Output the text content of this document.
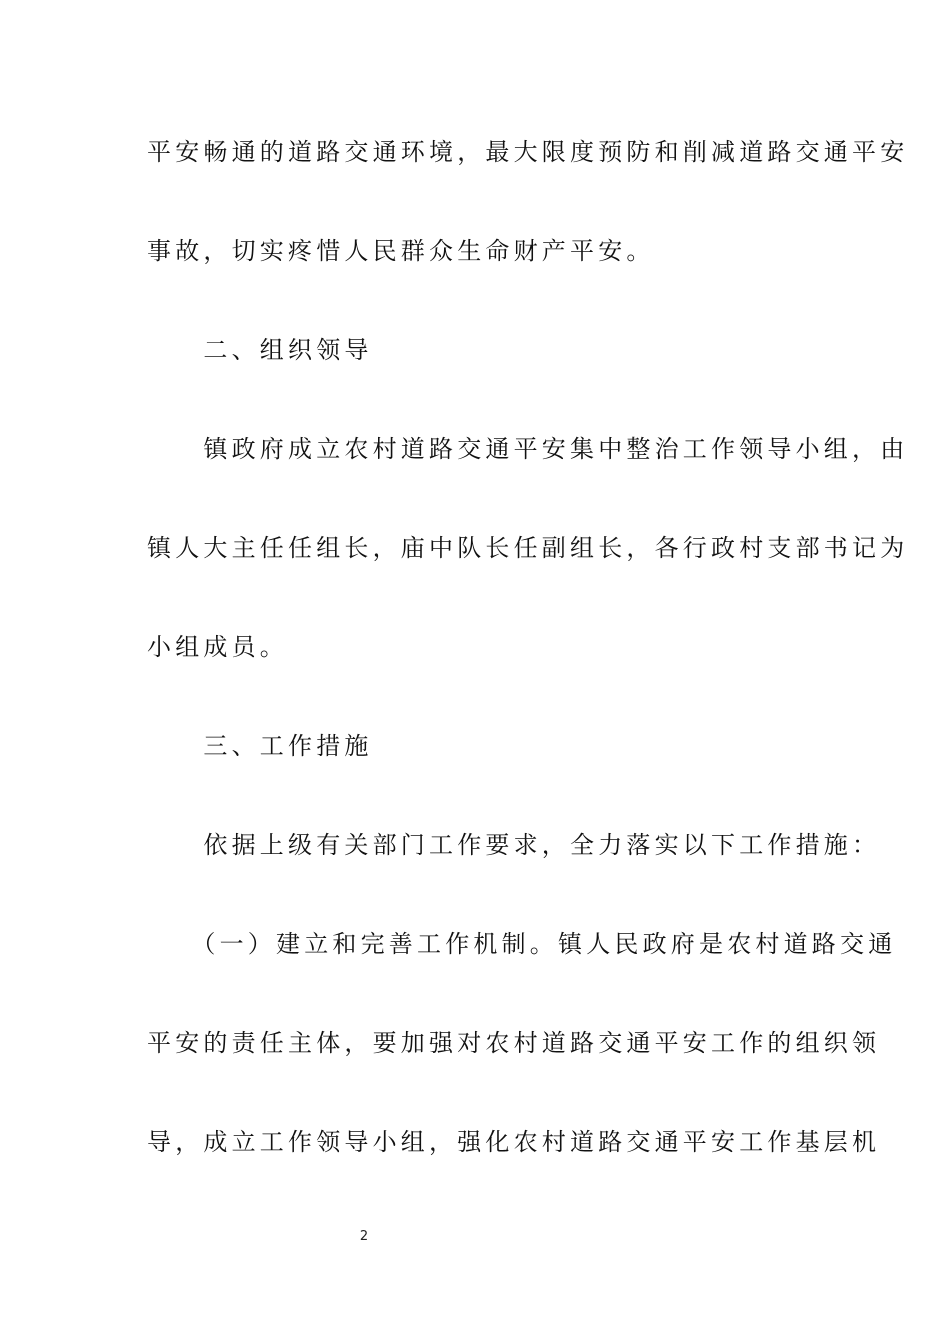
平安畅通的道路交通环境，最大限度预防和削减道路交通平安
事故，切实疼惜人民群众生命财产平安。
　　二、组织领导
　　镇政府成立农村道路交通平安集中整治工作领导小组，由
镇人大主任任组长，庙中队长任副组长，各行政村支部书记为
小组成员。
　　三、工作措施
　　依据上级有关部门工作要求，全力落实以下工作措施：
　　（一）建立和完善工作机制。镇人民政府是农村道路交通
平安的责任主体，要加强对农村道路交通平安工作的组织领
导，成立工作领导小组，强化农村道路交通平安工作基层机
2
